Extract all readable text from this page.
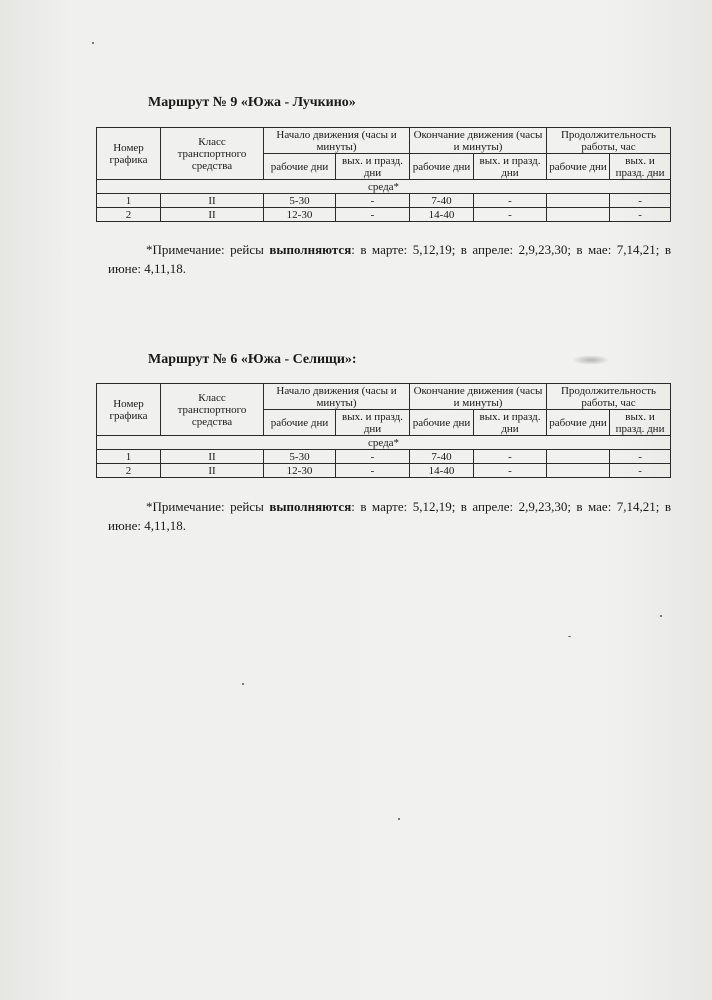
Маршрут № 9 «Южа - Лучкино»
Номер графика	Класс транспортного средства	Начало движения (часы и минуты)		Окончание движения (часы и минуты)		Продолжительность работы, час	
		рабочие дни	вых. и празд. дни	рабочие дни	вых. и празд. дни	рабочие дни	вых. и празд. дни
среда*							
1	II	5-30	-	7-40	-		-
2	II	12-30	-	14-40	-		-

*Примечание: рейсы выполняются: в марте: 5,12,19; в апреле: 2,9,23,30; в мае: 7,14,21; в июне: 4,11,18.

Маршрут № 6 «Южа - Селищи»:
Номер графика	Класс транспортного средства	Начало движения (часы и минуты)		Окончание движения (часы и минуты)		Продолжительность работы, час	
		рабочие дни	вых. и празд. дни	рабочие дни	вых. и празд. дни	рабочие дни	вых. и празд. дни
среда*							
1	II	5-30	-	7-40	-		-
2	II	12-30	-	14-40	-		-

*Примечание: рейсы выполняются: в марте: 5,12,19; в апреле: 2,9,23,30; в мае: 7,14,21; в июне: 4,11,18.
